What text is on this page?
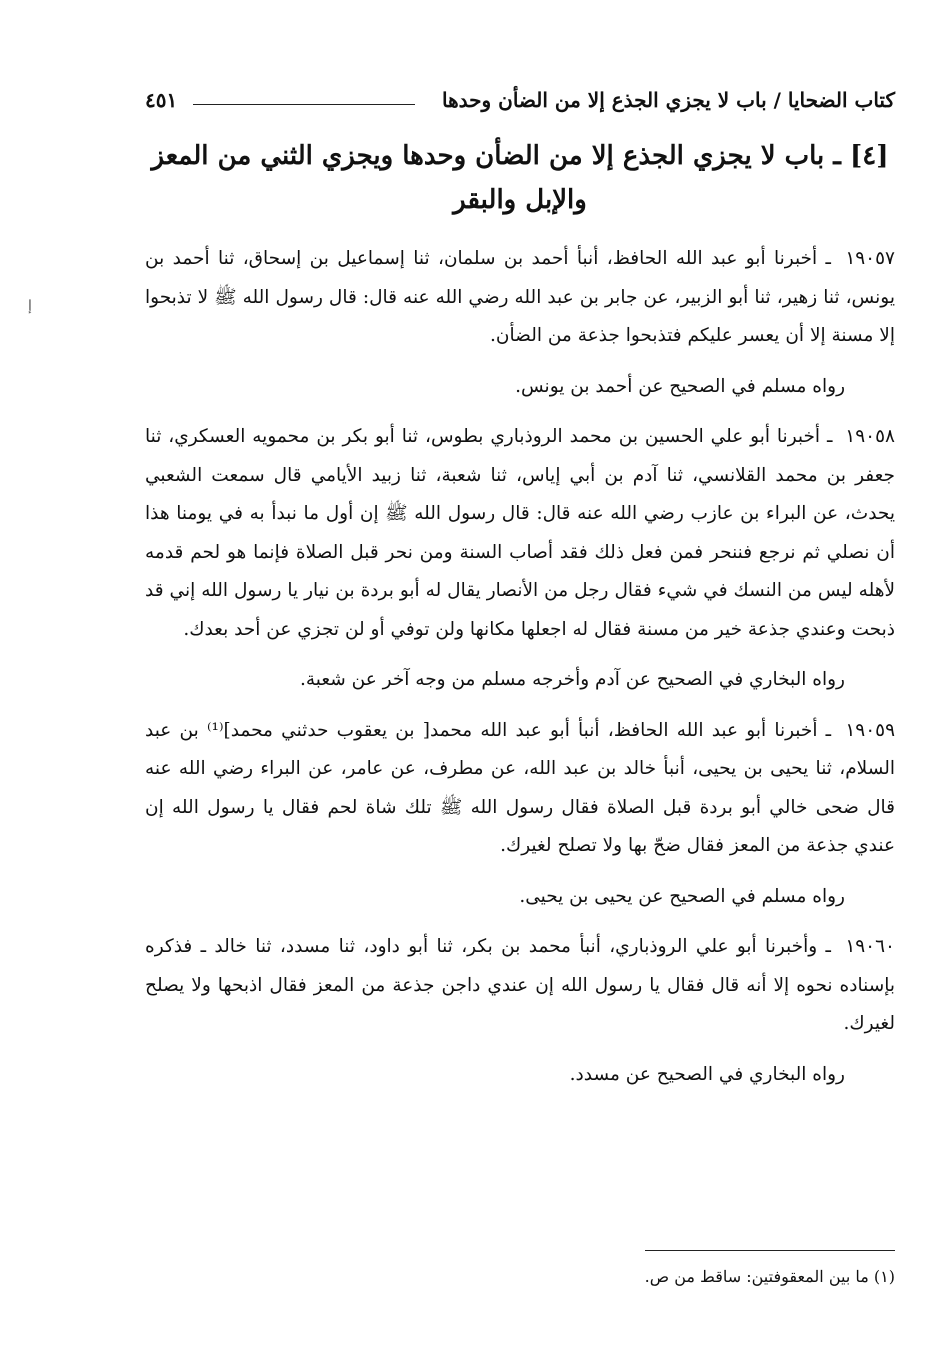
ﺇ
كتاب الضحايا / باب لا يجزي الجذع إلا من الضأن وحدها
٤٥١
[٤] ـ باب لا يجزي الجذع إلا من الضأن وحدها ويجزي الثني من المعز والإبل والبقر

١٩٠٥٧ ـ أخبرنا أبو عبد الله الحافظ، أنبأ أحمد بن سلمان، ثنا إسماعيل بن إسحاق، ثنا أحمد بن يونس، ثنا زهير، ثنا أبو الزبير، عن جابر بن عبد الله رضي الله عنه قال: قال رسول الله ﷺ لا تذبحوا إلا مسنة إلا أن يعسر عليكم فتذبحوا جذعة من الضأن.

رواه مسلم في الصحيح عن أحمد بن يونس.

١٩٠٥٨ ـ أخبرنا أبو علي الحسين بن محمد الروذباري بطوس، ثنا أبو بكر بن محمويه العسكري، ثنا جعفر بن محمد القلانسي، ثنا آدم بن أبي إياس، ثنا شعبة، ثنا زبيد الأيامي قال سمعت الشعبي يحدث، عن البراء بن عازب رضي الله عنه قال: قال رسول الله ﷺ إن أول ما نبدأ به في يومنا هذا أن نصلي ثم نرجع فننحر فمن فعل ذلك فقد أصاب السنة ومن نحر قبل الصلاة فإنما هو لحم قدمه لأهله ليس من النسك في شيء فقال رجل من الأنصار يقال له أبو بردة بن نيار يا رسول الله إني قد ذبحت وعندي جذعة خير من مسنة فقال له اجعلها مكانها ولن توفي أو لن تجزي عن أحد بعدك.

رواه البخاري في الصحيح عن آدم وأخرجه مسلم من وجه آخر عن شعبة.

١٩٠٥٩ ـ أخبرنا أبو عبد الله الحافظ، أنبأ أبو عبد الله محمد[ بن يعقوب حدثني محمد]⁽¹⁾ بن عبد السلام، ثنا يحيى بن يحيى، أنبأ خالد بن عبد الله، عن مطرف، عن عامر، عن البراء رضي الله عنه قال ضحى خالي أبو بردة قبل الصلاة فقال رسول الله ﷺ تلك شاة لحم فقال يا رسول الله إن عندي جذعة من المعز فقال ضحّ بها ولا تصلح لغيرك.

رواه مسلم في الصحيح عن يحيى بن يحيى.

١٩٠٦٠ ـ وأخبرنا أبو علي الروذباري، أنبأ محمد بن بكر، ثنا أبو داود، ثنا مسدد، ثنا خالد ـ فذكره بإسناده نحوه إلا أنه قال فقال يا رسول الله إن عندي داجن جذعة من المعز فقال اذبحها ولا يصلح لغيرك.

رواه البخاري في الصحيح عن مسدد.

(١) ما بين المعقوفتين: ساقط من ص.
